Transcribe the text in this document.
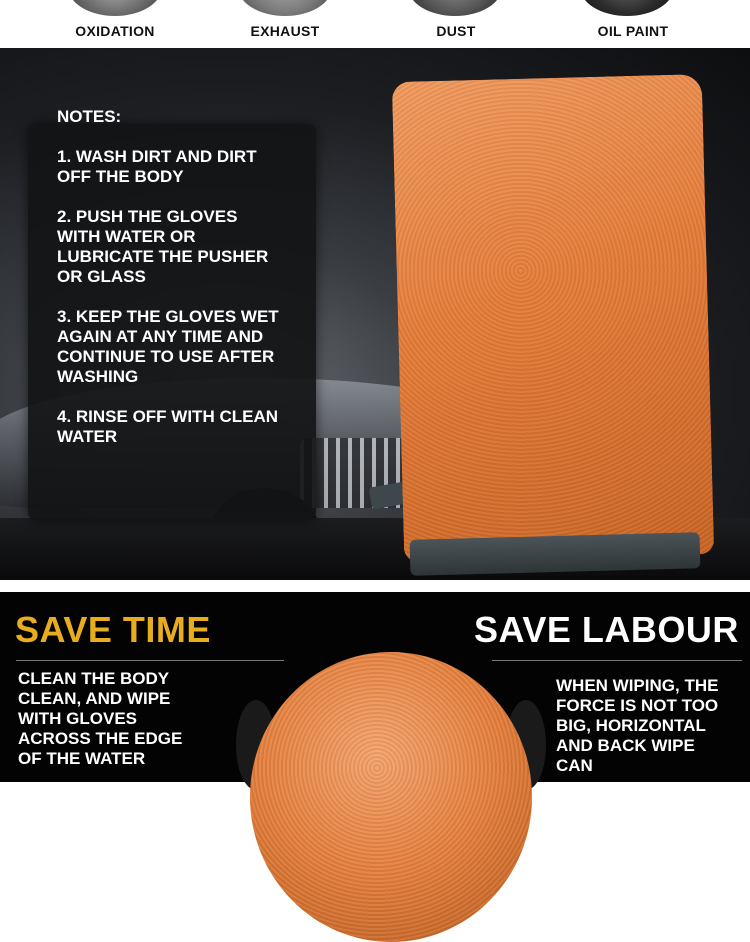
OXIDATION	EXHAUST	DUST	OIL PAINT
NOTES:
1. WASH DIRT AND DIRT
OFF THE BODY
2. PUSH THE GLOVES
WITH WATER OR
LUBRICATE THE PUSHER
OR GLASS
3. KEEP THE GLOVES WET
AGAIN AT ANY TIME AND
CONTINUE TO USE AFTER
WASHING
4. RINSE OFF WITH CLEAN
WATER
SAVE TIME
CLEAN THE BODY
CLEAN, AND WIPE
WITH GLOVES
ACROSS THE EDGE
OF THE WATER
SAVE LABOUR
WHEN WIPING, THE
FORCE IS NOT TOO
BIG, HORIZONTAL
AND BACK WIPE
CAN
